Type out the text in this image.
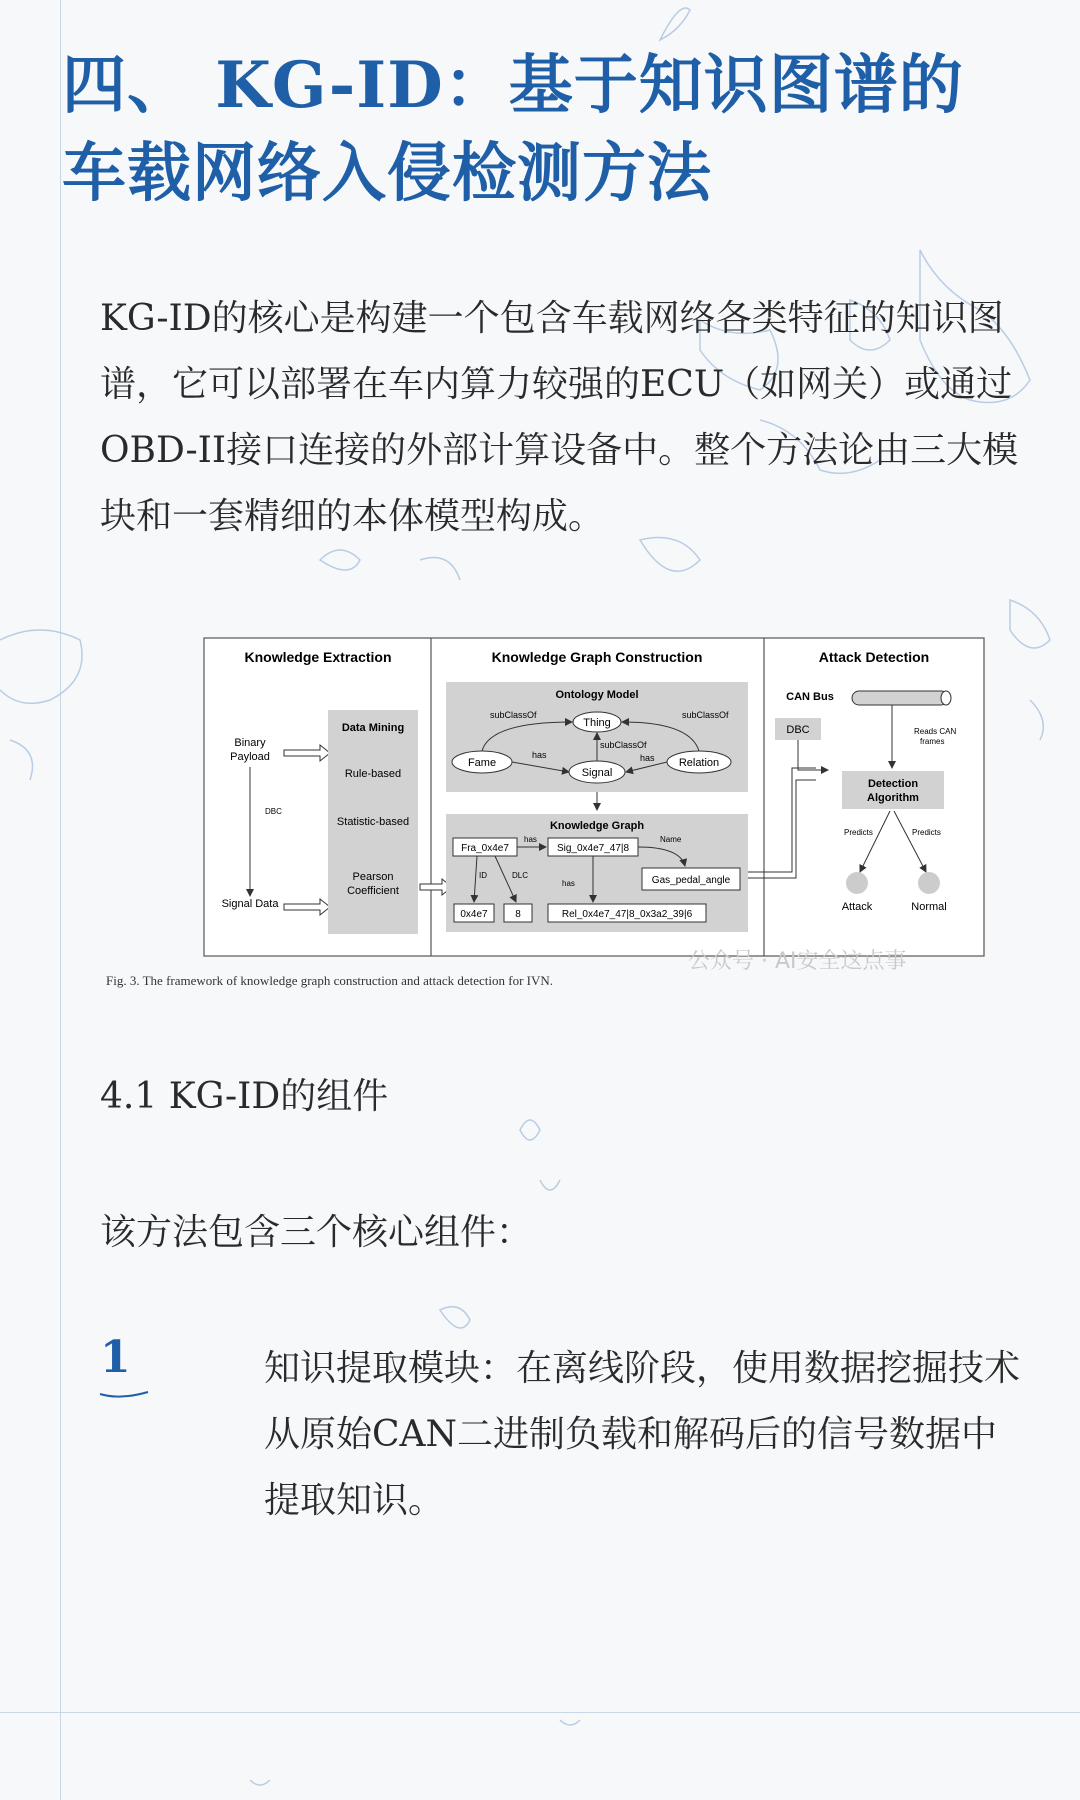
四、 KG-ID：基于知识图谱的车载网络入侵检测方法

KG-ID的核心是构建一个包含车载网络各类特征的知识图谱，它可以部署在车内算力较强的ECU（如网关）或通过OBD-II接口连接的外部计算设备中。整个方法论由三大模块和一套精细的本体模型构成。

Knowledge Extraction	Knowledge Graph Construction	Attack Detection
Binary
Payload
DBC
Signal Data
Data Mining
Rule-based
Statistic-based
Pearson
Coefficient
Ontology Model
Thing
Fame
Signal
Relation
subClassOf	subClassOf
subClassOf
has	has
Knowledge Graph
Fra_0x4e7	Sig_0x4e7_47|8
Gas_pedal_angle
0x4e7	8	Rel_0x4e7_47|8_0x3a2_39|6
has	Name
ID	DLC
has
CAN Bus
DBC	Reads CAN
frames
Detection
Algorithm
Predicts	Predicts
Attack	Normal
Fig. 3. The framework of knowledge graph construction and attack detection for IVN.
公众号 · AI安全这点事

4.1 KG-ID的组件

该方法包含三个核心组件：

1	知识提取模块：在离线阶段，使用数据挖掘技术从原始CAN二进制负载和解码后的信号数据中提取知识。
